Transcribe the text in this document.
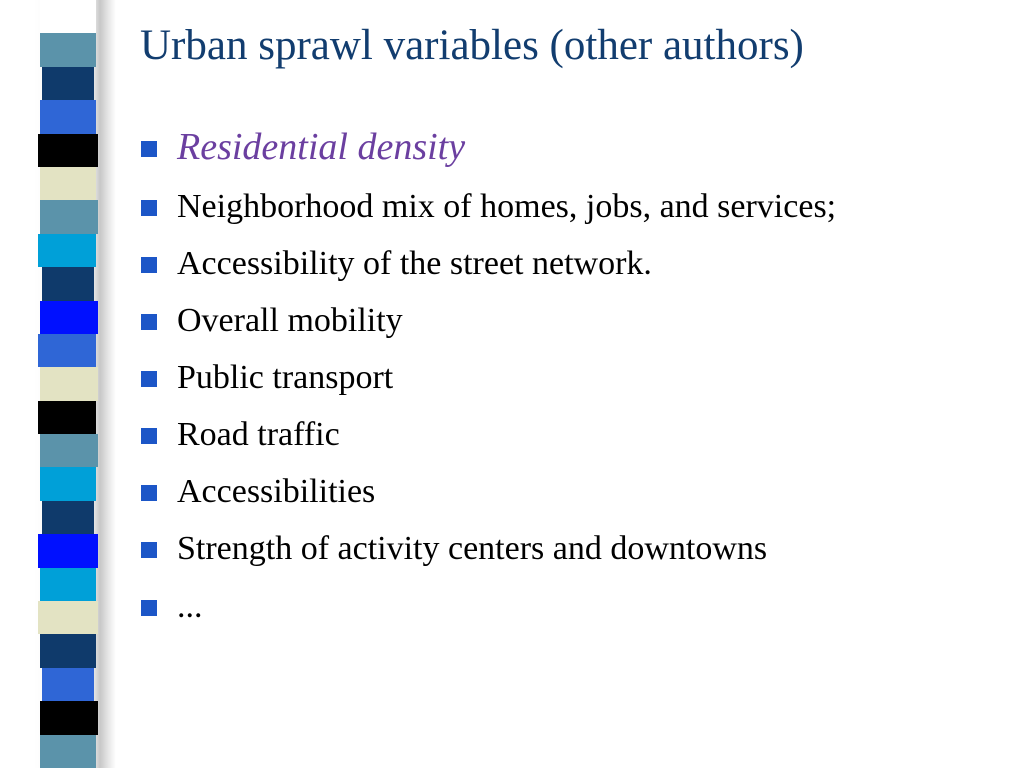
Urban sprawl variables (other authors)
Residential density
Neighborhood mix of homes, jobs, and services;
Accessibility of the street network.
Overall mobility
Public transport
Road traffic
Accessibilities
Strength of activity centers and downtowns
...
